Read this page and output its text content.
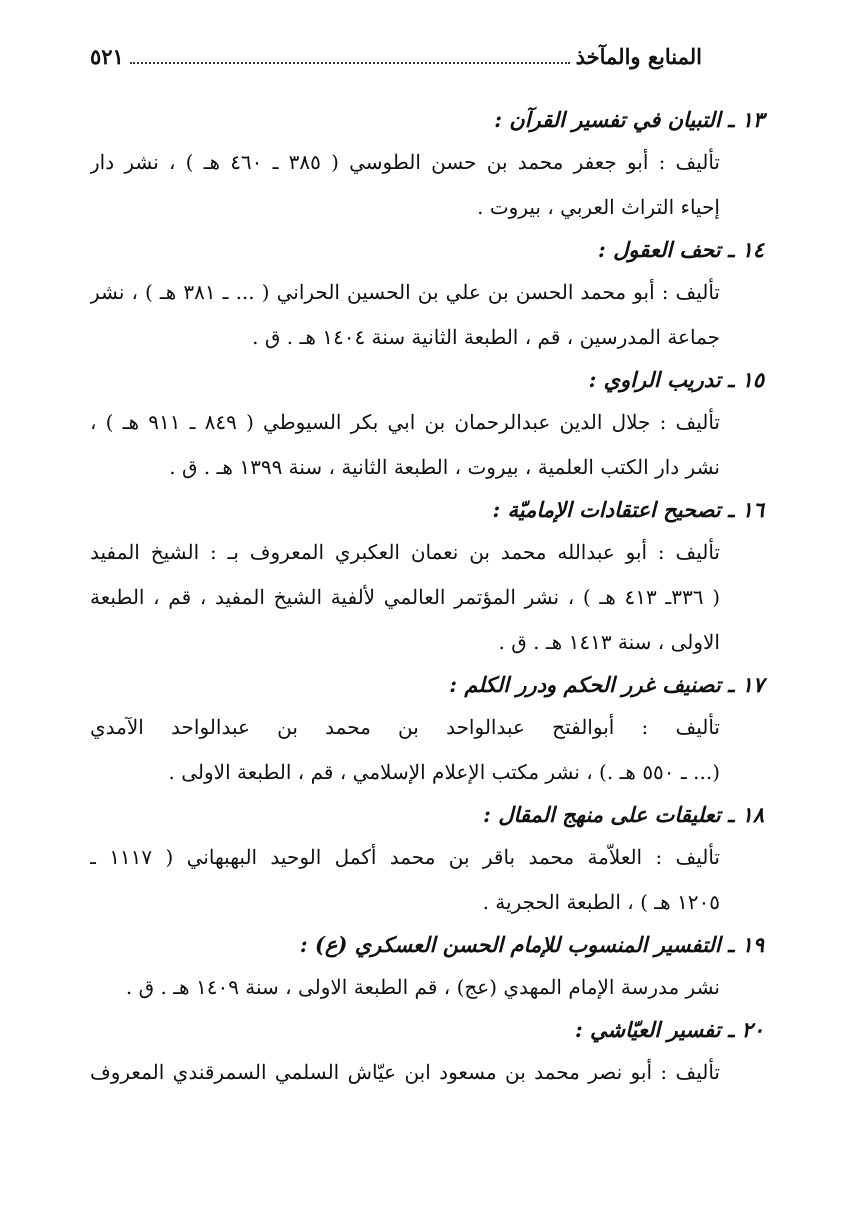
المنابع والمآخذ
٥٢١
١٣ ـ التبيان في تفسير القرآن :
تأليف : أبو جعفر محمد بن حسن الطوسي ( ٣٨٥ ـ ٤٦٠ هـ ) ، نشر دار
إحياء التراث العربي ، بيروت .
١٤ ـ تحف العقول :
تأليف : أبو محمد الحسن بن علي بن الحسين الحراني ( ... ـ ٣٨١ هـ ) ، نشر
جماعة المدرسين ، قم ، الطبعة الثانية سنة ١٤٠٤ هـ . ق .
١٥ ـ تدريب الراوي :
تأليف : جلال الدين عبدالرحمان بن ابي بكر السيوطي ( ٨٤٩ ـ ٩١١ هـ ) ،
نشر دار الكتب العلمية ، بيروت ، الطبعة الثانية ، سنة ١٣٩٩ هـ . ق .
١٦ ـ تصحيح اعتقادات الإماميّة :
تأليف : أبو عبدالله محمد بن نعمان العكبري المعروف بـ : الشيخ المفيد
( ٣٣٦ـ ٤١٣ هـ ) ، نشر المؤتمر العالمي لألفية الشيخ المفيد ، قم ، الطبعة
الاولى ، سنة ١٤١٣ هـ . ق .
١٧ ـ تصنيف غرر الحكم ودرر الكلم :
تأليف : أبوالفتح عبدالواحد بن محمد بن عبدالواحد الآمدي
(... ـ ٥٥٠ هـ .) ، نشر مكتب الإعلام الإسلامي ، قم ، الطبعة الاولى .
١٨ ـ تعليقات على منهج المقال :
تأليف : العلاّمة محمد باقر بن محمد أكمل الوحيد البهبهاني ( ١١١٧ ـ
١٢٠٥ هـ ) ، الطبعة الحجرية .
١٩ ـ التفسير المنسوب للإمام الحسن العسكري (ع) :
نشر مدرسة الإمام المهدي (عج) ، قم الطبعة الاولى ، سنة ١٤٠٩ هـ . ق .
٢٠ ـ تفسير العيّاشي :
تأليف : أبو نصر محمد بن مسعود ابن عيّاش السلمي السمرقندي المعروف
